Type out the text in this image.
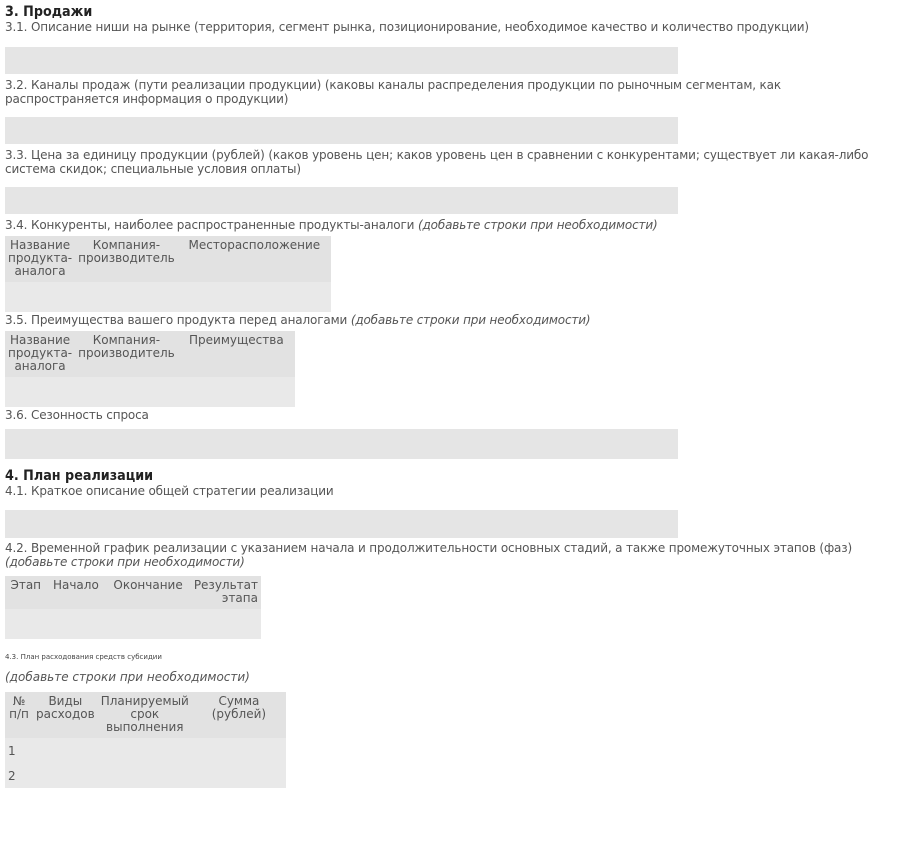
3. Продажи

3.1. Описание ниши на рынке (территория, сегмент рынка, позиционирование, необходимое качество и количество продукции)

3.2. Каналы продаж (пути реализации продукции) (каковы каналы распределения продукции по рыночным сегментам, как распространяется информация о продукции)

3.3. Цена за единицу продукции (рублей) (каков уровень цен; каков уровень цен в сравнении с конкурентами; существует ли какая-либо система скидок; специальные условия оплаты)

3.4. Конкуренты, наиболее распространенные продукты-аналоги (добавьте строки при необходимости)

Название продукта-аналога	Компания-производитель	Месторасположение

3.5. Преимущества вашего продукта перед аналогами (добавьте строки при необходимости)

Название продукта-аналога	Компания-производитель	Преимущества

3.6. Сезонность спроса

4. План реализации

4.1. Краткое описание общей стратегии реализации

4.2. Временной график реализации с указанием начала и продолжительности основных стадий, а также промежуточных этапов (фаз) (добавьте строки при необходимости)

Этап	Начало	Окончание	Результат этапа

4.3. План расходования средств субсидии

(добавьте строки при необходимости)

№ п/п	Виды расходов	Планируемый срок выполнения	Сумма (рублей)
1			
2			
